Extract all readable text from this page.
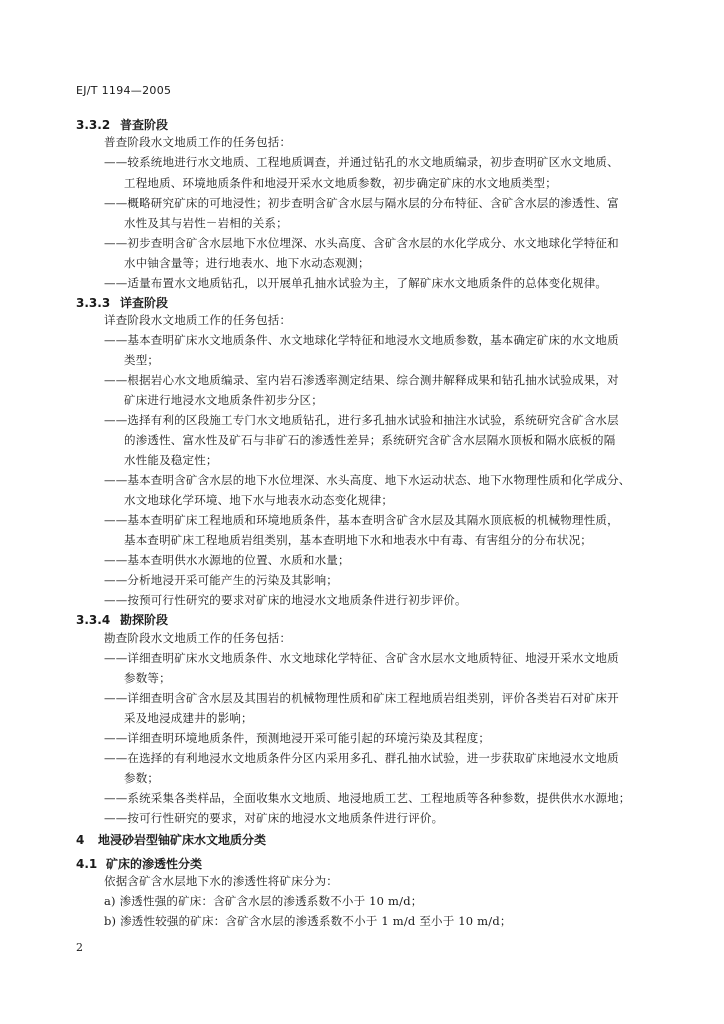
EJ/T 1194—2005
3.3.2 普查阶段
普查阶段水文地质工作的任务包括：
——较系统地进行水文地质、工程地质调查，并通过钻孔的水文地质编录，初步查明矿区水文地质、
工程地质、环境地质条件和地浸开采水文地质参数，初步确定矿床的水文地质类型；
——概略研究矿床的可地浸性；初步查明含矿含水层与隔水层的分布特征、含矿含水层的渗透性、富
水性及其与岩性－岩相的关系；
——初步查明含矿含水层地下水位埋深、水头高度、含矿含水层的水化学成分、水文地球化学特征和
水中铀含量等；进行地表水、地下水动态观测；
——适量布置水文地质钻孔，以开展单孔抽水试验为主，了解矿床水文地质条件的总体变化规律。
3.3.3 详查阶段
详查阶段水文地质工作的任务包括：
——基本查明矿床水文地质条件、水文地球化学特征和地浸水文地质参数，基本确定矿床的水文地质
类型；
——根据岩心水文地质编录、室内岩石渗透率测定结果、综合测井解释成果和钻孔抽水试验成果，对
矿床进行地浸水文地质条件初步分区；
——选择有利的区段施工专门水文地质钻孔，进行多孔抽水试验和抽注水试验，系统研究含矿含水层
的渗透性、富水性及矿石与非矿石的渗透性差异；系统研究含矿含水层隔水顶板和隔水底板的隔
水性能及稳定性；
——基本查明含矿含水层的地下水位埋深、水头高度、地下水运动状态、地下水物理性质和化学成分、
水文地球化学环境、地下水与地表水动态变化规律；
——基本查明矿床工程地质和环境地质条件，基本查明含矿含水层及其隔水顶底板的机械物理性质，
基本查明矿床工程地质岩组类别，基本查明地下水和地表水中有毒、有害组分的分布状况；
——基本查明供水水源地的位置、水质和水量；
——分析地浸开采可能产生的污染及其影响；
——按预可行性研究的要求对矿床的地浸水文地质条件进行初步评价。
3.3.4 勘探阶段
勘查阶段水文地质工作的任务包括：
——详细查明矿床水文地质条件、水文地球化学特征、含矿含水层水文地质特征、地浸开采水文地质
参数等；
——详细查明含矿含水层及其围岩的机械物理性质和矿床工程地质岩组类别，评价各类岩石对矿床开
采及地浸成建井的影响；
——详细查明环境地质条件，预测地浸开采可能引起的环境污染及其程度；
——在选择的有利地浸水文地质条件分区内采用多孔、群孔抽水试验，进一步获取矿床地浸水文地质
参数；
——系统采集各类样品，全面收集水文地质、地浸地质工艺、工程地质等各种参数，提供供水水源地；
——按可行性研究的要求，对矿床的地浸水文地质条件进行评价。
4 地浸砂岩型铀矿床水文地质分类
4.1 矿床的渗透性分类
依据含矿含水层地下水的渗透性将矿床分为：
a) 渗透性强的矿床：含矿含水层的渗透系数不小于 10 m/d；
b) 渗透性较强的矿床：含矿含水层的渗透系数不小于 1 m/d 至小于 10 m/d；
2
